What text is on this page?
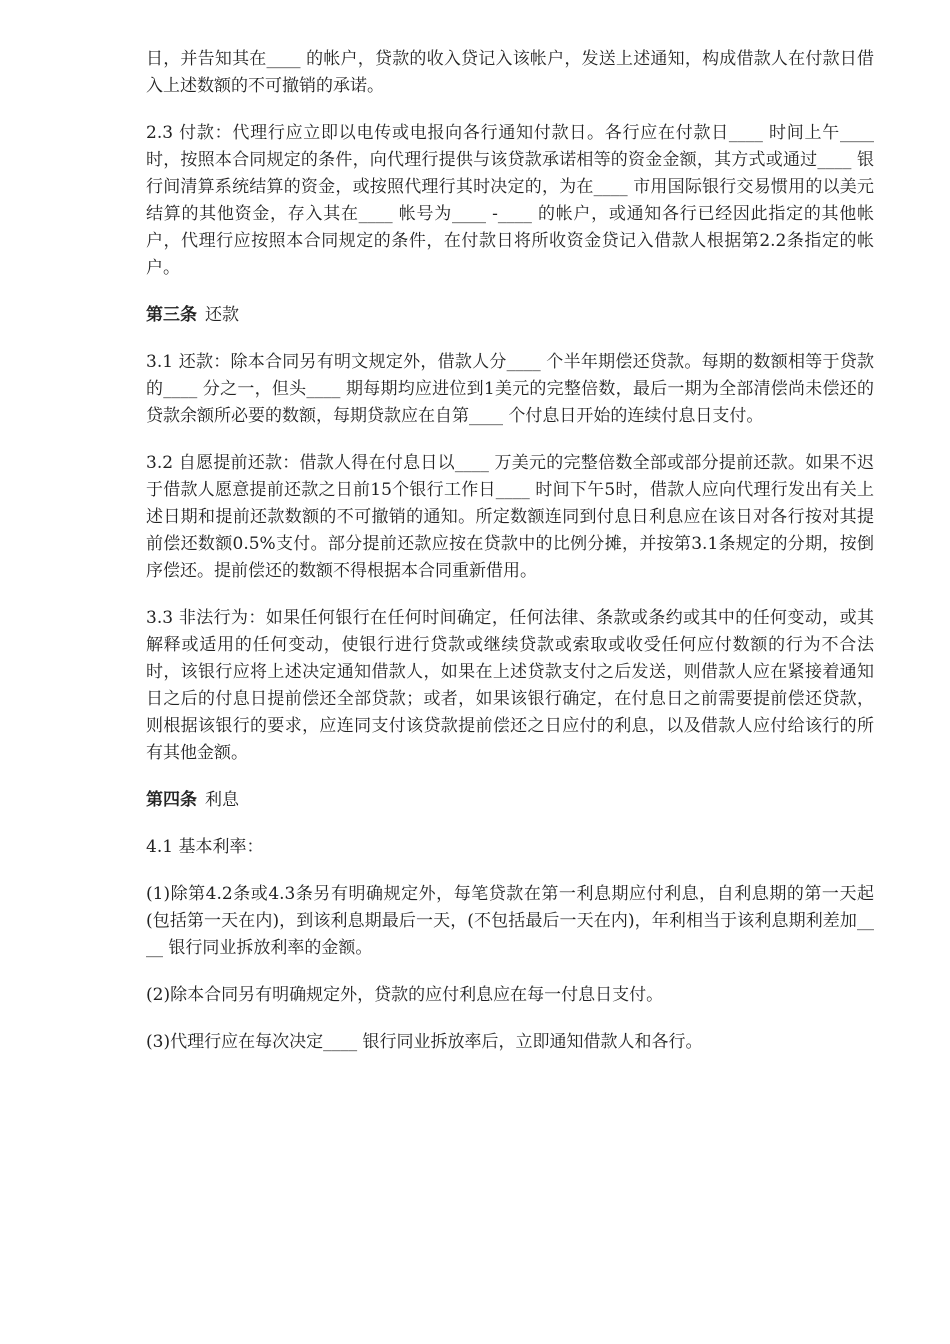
日，并告知其在____ 的帐户，贷款的收入贷记入该帐户，发送上述通知，构成借款人在付款日借入上述数额的不可撤销的承诺。

2.3 付款：代理行应立即以电传或电报向各行通知付款日。各行应在付款日____ 时间上午____ 时，按照本合同规定的条件，向代理行提供与该贷款承诺相等的资金金额，其方式或通过____ 银行间清算系统结算的资金，或按照代理行其时决定的，为在____ 市用国际银行交易惯用的以美元结算的其他资金，存入其在____ 帐号为____ -____ 的帐户，或通知各行已经因此指定的其他帐户，代理行应按照本合同规定的条件，在付款日将所收资金贷记入借款人根据第2.2条指定的帐户。

第三条 还款

3.1 还款：除本合同另有明文规定外，借款人分____ 个半年期偿还贷款。每期的数额相等于贷款的____ 分之一，但头____ 期每期均应进位到1美元的完整倍数，最后一期为全部清偿尚未偿还的贷款余额所必要的数额，每期贷款应在自第____ 个付息日开始的连续付息日支付。

3.2 自愿提前还款：借款人得在付息日以____ 万美元的完整倍数全部或部分提前还款。如果不迟于借款人愿意提前还款之日前15个银行工作日____ 时间下午5时，借款人应向代理行发出有关上述日期和提前还款数额的不可撤销的通知。所定数额连同到付息日利息应在该日对各行按对其提前偿还数额0.5%支付。部分提前还款应按在贷款中的比例分摊，并按第3.1条规定的分期，按倒序偿还。提前偿还的数额不得根据本合同重新借用。

3.3 非法行为：如果任何银行在任何时间确定，任何法律、条款或条约或其中的任何变动，或其解释或适用的任何变动，使银行进行贷款或继续贷款或索取或收受任何应付数额的行为不合法时，该银行应将上述决定通知借款人，如果在上述贷款支付之后发送，则借款人应在紧接着通知日之后的付息日提前偿还全部贷款；或者，如果该银行确定，在付息日之前需要提前偿还贷款，则根据该银行的要求，应连同支付该贷款提前偿还之日应付的利息，以及借款人应付给该行的所有其他金额。

第四条 利息

4.1 基本利率：

(1)除第4.2条或4.3条另有明确规定外，每笔贷款在第一利息期应付利息，自利息期的第一天起(包括第一天在内)，到该利息期最后一天，(不包括最后一天在内)，年利相当于该利息期利差加____ 银行同业拆放利率的金额。

(2)除本合同另有明确规定外，贷款的应付利息应在每一付息日支付。

(3)代理行应在每次决定____ 银行同业拆放率后，立即通知借款人和各行。
